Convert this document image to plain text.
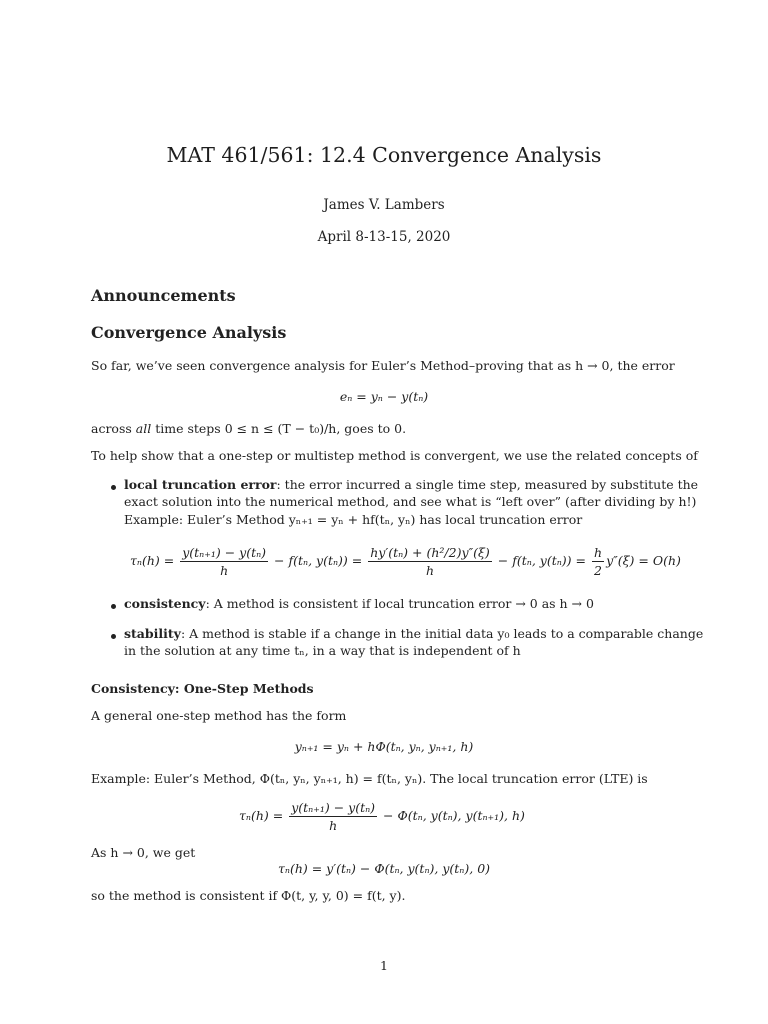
MAT 461/561: 12.4 Convergence Analysis
James V. Lambers
April 8-13-15, 2020
Announcements
Convergence Analysis
So far, we’ve seen convergence analysis for Euler’s Method–proving that as h → 0, the error
eₙ = yₙ − y(tₙ)
across all time steps 0 ≤ n ≤ (T − t₀)/h, goes to 0.
To help show that a one-step or multistep method is convergent, we use the related concepts of
local truncation error: the error incurred a single time step, measured by substitute the
exact solution into the numerical method, and see what is “left over” (after dividing by h!)
Example: Euler’s Method yₙ₊₁ = yₙ + hf(tₙ, yₙ) has local truncation error
$\tau_n(h) = \frac{\text{y(tₙ₊₁) − y(tₙ)}}{h} - f(t_n$, $y(t_n)) = \frac{\text{hy′(tₙ) + (h²/2)y″(ξ)}}{h} - f(t_n$, $y(t_n)) = \frac{h}{2} y''(\xi) = O(h)$
consistency: A method is consistent if local truncation error → 0 as h → 0
stability: A method is stable if a change in the initial data y₀ leads to a comparable change
in the solution at any time tₙ, in a way that is independent of h
Consistency: One-Step Methods
A general one-step method has the form
yₙ₊₁ = yₙ + hΦ(tₙ, yₙ, yₙ₊₁, h)
Example: Euler’s Method, Φ(tₙ, yₙ, yₙ₊₁, h) = f(tₙ, yₙ). The local truncation error (LTE) is
$\tau_n(h) = \frac{\text{y(tₙ₊₁) − y(tₙ)}}{h} - \Phi(t_n$, y(tₙ), y(tₙ₊₁), h)
As h → 0, we get
τₙ(h) = y′(tₙ) − Φ(tₙ, y(tₙ), y(tₙ), 0)
so the method is consistent if Φ(t, y, y, 0) = f(t, y).
1
